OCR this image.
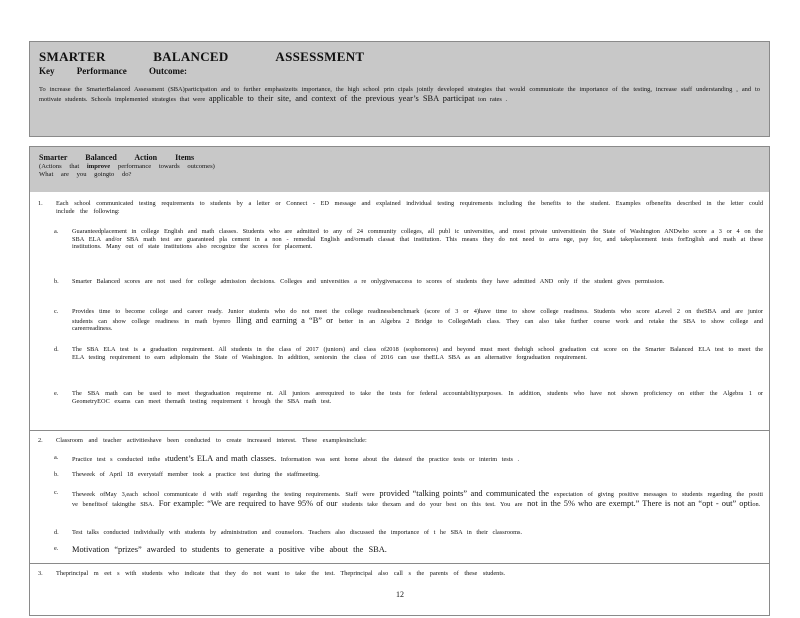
SMARTER BALANCED ASSESSMENT
Key Performance Outcome:
To increase the SmarterBalanced Assessment (SBA)participation and to further emphasizeits importance, the high school prin cipals jointly developed strategies that would communicate the importance of the testing, increase staff understanding , and to motivate students. Schools implemented strategies that were applicable to their site, and context of the previous year’s SBA participat ion rates .
Smarter Balanced Action Items
(Actions that improve performance towards outcomes)
What are you goingto do?
1. Each school communicated testing requirements to students by a letter or Connect - ED message and explained individual testing requirements including the benefits to the student. Examples ofbenefits described in the letter could include the following:
a. Guaranteedplacement in college English and math classes. Students who are admitted to any of 24 community colleges, all publ ic universities, and most private universitiesin the State of Washington ANDwho score a 3 or 4 on the SBA ELA and/or SBA math test are guaranteed pla cement in a non - remedial English and/ormath classat that institution. This means they do not need to arra nge, pay for, and takeplacement tests forEnglish and math at these institutions. Many out of state institutions also recognize the scores for placement.
b. Smarter Balanced scores are not used for college admission decisions. Colleges and universities a re onlygivenaccess to scores of students they have admitted AND only if the student gives permission.
c. Provides time to become college and career ready. Junior students who do not meet the college readinessbenchmark (score of 3 or 4)have time to show college readiness. Students who score aLevel 2 on theSBA and are junior students can show college readiness in math byenro lling and earning a “B” or better in an Algebra 2 Bridge to CollegeMath class. They can also take further course work and retake the SBA to show college and careerreadiness.
d. The SBA ELA test is a graduation requirement. All students in the class of 2017 (juniors) and class of2018 (sophomores) and beyond must meet thehigh school graduation cut score on the Smarter Balanced ELA test to meet the ELA testing requirement to earn adiplomain the State of Washington. In addition, seniorsin the class of 2016 can use theELA SBA as an alternative forgraduation requirement.
e. The SBA math can be used to meet thegraduation requireme nt. All juniors arerequired to take the tests for federal accountabilitypurposes. In addition, students who have not shown proficiency on either the Algebra 1 or GeometryEOC exams can meet themath testing requirement t hrough the SBA math test.
2. Classroom and teacher activitieshave been conducted to create increased interest. These examplesinclude:
a. Practice test s conducted inthe student’s ELA and math classes. Information was sent home about the datesof the practice tests or interim tests .
b. Theweek of April 18 everystaff member took a practice test during the staffmeeting.
c. Theweek ofMay 3,each school communicate d with staff regarding the testing requirements. Staff were provided “talking points” and communicated the expectation of giving positive messages to students regarding the positi ve benefitsof takingthe SBA. For example: “We are required to have 95% of our students take thexam and do your best on this test. You are not in the 5% who are exempt.” There is not an “opt - out” option.
d. Test talks conducted individually with students by administration and counselors. Teachers also discussed the importance of t he SBA in their classrooms.
e. Motivation “prizes” awarded to students to generate a positive vibe about the SBA.
3. Theprincipal m eet s with students who indicate that they do not want to take the test. Theprincipal also call s the parents of these students.
12
